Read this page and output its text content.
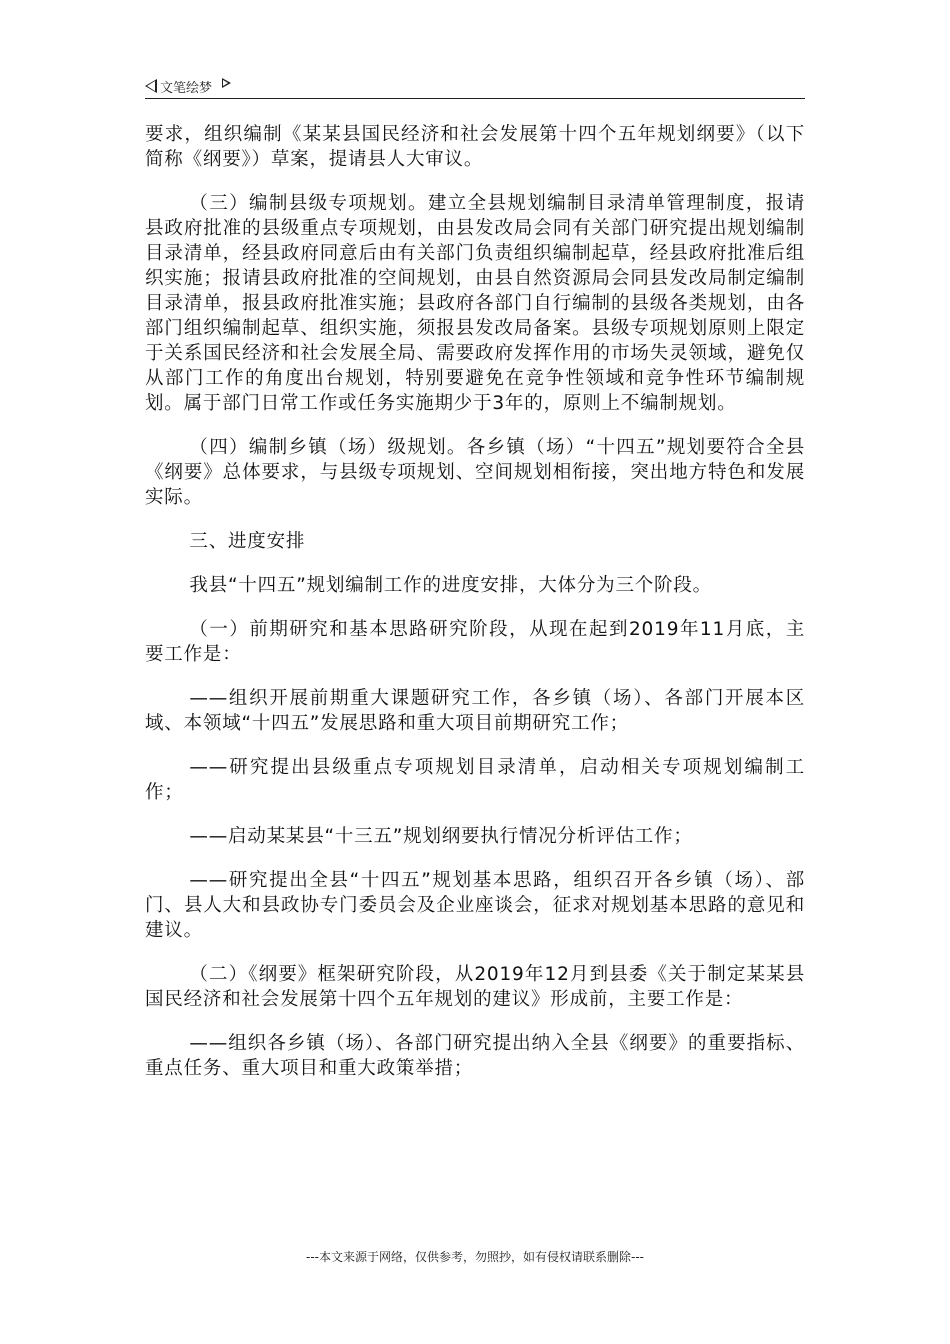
文笔绘梦

要求，组织编制《某某县国民经济和社会发展第十四个五年规划纲要》（以下简称《纲要》）草案，提请县人大审议。

（三）编制县级专项规划。建立全县规划编制目录清单管理制度，报请县政府批准的县级重点专项规划，由县发改局会同有关部门研究提出规划编制目录清单，经县政府同意后由有关部门负责组织编制起草，经县政府批准后组织实施；报请县政府批准的空间规划，由县自然资源局会同县发改局制定编制目录清单，报县政府批准实施；县政府各部门自行编制的县级各类规划，由各部门组织编制起草、组织实施，须报县发改局备案。县级专项规划原则上限定于关系国民经济和社会发展全局、需要政府发挥作用的市场失灵领域，避免仅从部门工作的角度出台规划，特别要避免在竞争性领域和竞争性环节编制规划。属于部门日常工作或任务实施期少于3年的，原则上不编制规划。

（四）编制乡镇（场）级规划。各乡镇（场）“十四五”规划要符合全县《纲要》总体要求，与县级专项规划、空间规划相衔接，突出地方特色和发展实际。

三、进度安排

我县“十四五”规划编制工作的进度安排，大体分为三个阶段。

（一）前期研究和基本思路研究阶段，从现在起到2019年11月底，主要工作是：

——组织开展前期重大课题研究工作，各乡镇（场）、各部门开展本区域、本领域“十四五”发展思路和重大项目前期研究工作；

——研究提出县级重点专项规划目录清单，启动相关专项规划编制工作；

——启动某某县“十三五”规划纲要执行情况分析评估工作；

——研究提出全县“十四五”规划基本思路，组织召开各乡镇（场）、部门、县人大和县政协专门委员会及企业座谈会，征求对规划基本思路的意见和建议。

（二）《纲要》框架研究阶段，从2019年12月到县委《关于制定某某县国民经济和社会发展第十四个五年规划的建议》形成前，主要工作是：

——组织各乡镇（场）、各部门研究提出纳入全县《纲要》的重要指标、重点任务、重大项目和重大政策举措；

---本文来源于网络，仅供参考，勿照抄，如有侵权请联系删除---
